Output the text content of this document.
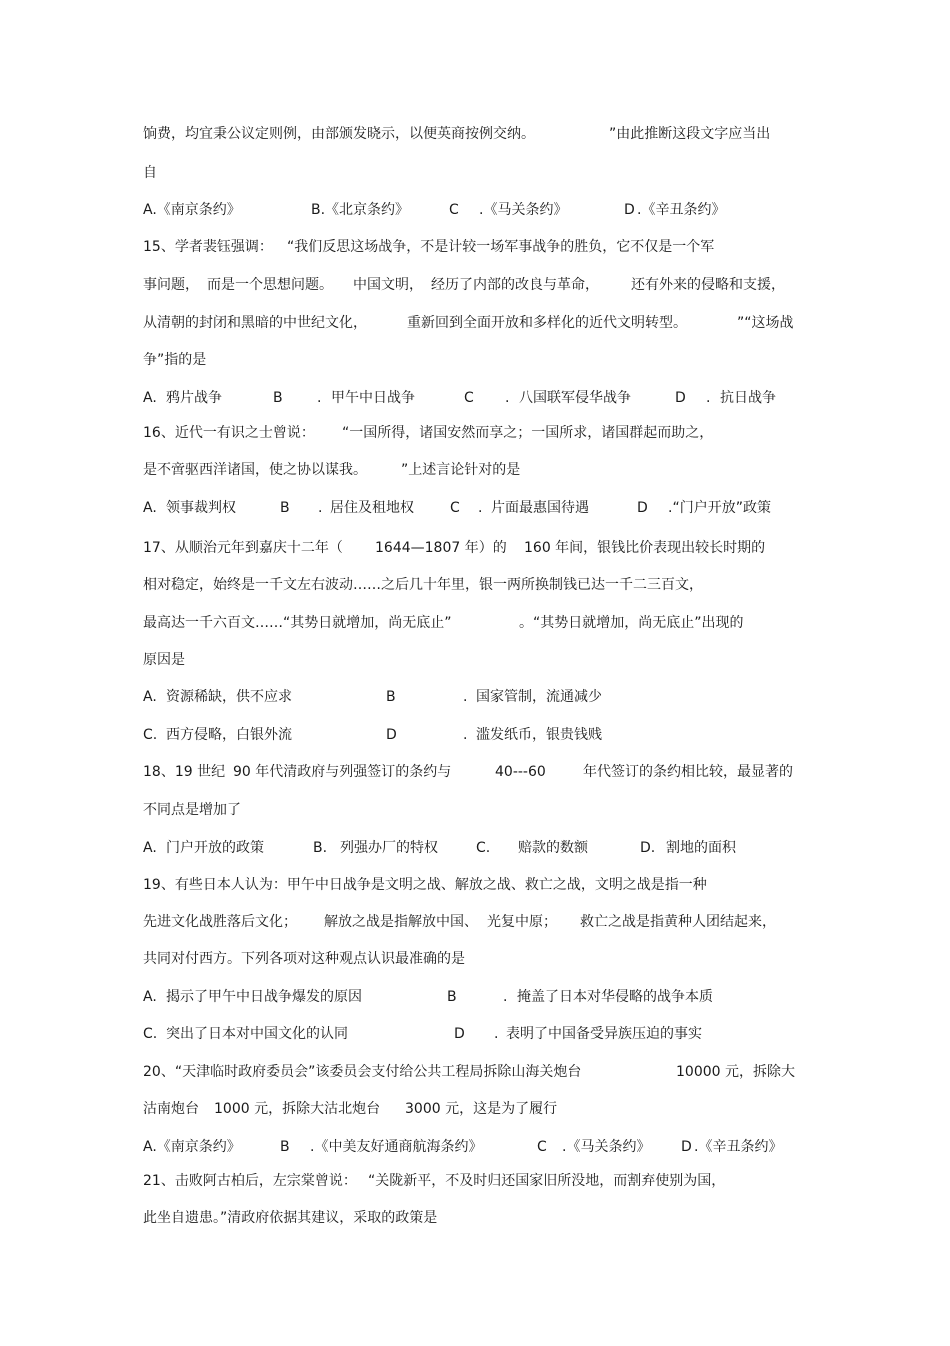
饷费，均宜秉公议定则例，由部颁发晓示，以便英商按例交纳。	”由此推断这段文字应当出
自
A.《南京条约》	B.《北京条约》	C .《马关条约》	D .《辛丑条约》
15、学者裴钰强调： “我们反思这场战争，不是计较一场军事战争的胜负，它不仅是一个军
事问题， 而是一个思想问题。 中国文明， 经历了内部的改良与革命， 还有外来的侵略和支援，
从清朝的封闭和黑暗的中世纪文化，	重新回到全面开放和多样化的近代文明转型。	”“这场战
争”指的是
A. 鸦片战争	B . 甲午中日战争	C . 八国联军侵华战争	D . 抗日战争
16、近代一有识之士曾说： “一国所得，诸国安然而享之；一国所求，诸国群起而助之，
是不啻驱西洋诸国，使之协以谋我。 ”上述言论针对的是
A. 领事裁判权	B . 居住及租地权	C . 片面最惠国待遇	D .“门户开放”政策
17、从顺治元年到嘉庆十二年（ 1644—1807 年）的 160 年间，银钱比价表现出较长时期的
相对稳定，始终是一千文左右波动……之后几十年里，银一两所换制钱已达一千二三百文，
最高达一千六百文……“其势日就增加，尚无底止”	。“其势日就增加，尚无底止”出现的
原因是
A. 资源稀缺，供不应求	B	. 国家管制，流通减少
C. 西方侵略，白银外流	D	. 滥发纸币，银贵钱贱
18、19 世纪 90 年代清政府与列强签订的条约与	40---60	年代签订的条约相比较，最显著的
不同点是增加了
A. 门户开放的政策	B. 列强办厂的特权	C. 赔款的数额	D. 割地的面积
19、有些日本人认为：甲午中日战争是文明之战、解放之战、救亡之战，文明之战是指一种
先进文化战胜落后文化； 解放之战是指解放中国、 光复中原； 救亡之战是指黄种人团结起来，
共同对付西方。下列各项对这种观点认识最准确的是
A. 揭示了甲午中日战争爆发的原因	B	. 掩盖了日本对华侵略的战争本质
C. 突出了日本对中国文化的认同	D . 表明了中国备受异族压迫的事实
20、“天津临时政府委员会”该委员会支付给公共工程局拆除山海关炮台	10000 元，拆除大
沽南炮台 1000 元，拆除大沽北炮台 3000 元，这是为了履行
A.《南京条约》	B .《中美友好通商航海条约》	C .《马关条约》 D .《辛丑条约》
21、击败阿古柏后，左宗棠曾说： “关陇新平，不及时归还国家旧所没地，而割弃使别为国，
此坐自遗患。”清政府依据其建议，采取的政策是
